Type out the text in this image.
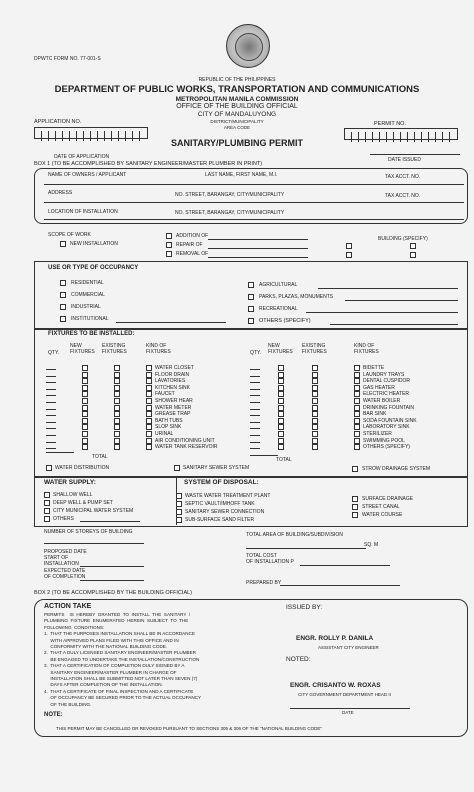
DPWTC FORM NO. 77-001-S
REPUBLIC OF THE PHILIPPINES
DEPARTMENT OF PUBLIC WORKS, TRANSPORTATION AND COMMUNICATIONS
METROPOLITAN MANILA COMMISSION
OFFICE OF THE BUILDING OFFICIAL
CITY OF MANDALUYONG
DISTRICT/MUNICIPALITY
AREA CODE
APPLICATION NO.	PERMIT NO.
SANITARY/PLUMBING PERMIT
DATE OF APPLICATION	DATE ISSUED
BOX 1 (TO BE ACCOMPLISHED BY SANITARY ENGINEER/MASTER PLUMBER IN PRINT)
NAME OF OWNERS / APPLICANT	LAST NAME, FIRST NAME, M.I.	TAX ACCT. NO.
ADDRESS	NO. STREET, BARANGAY, CITY/MUNICIPALITY	TAX ACCT. NO.
LOCATION OF INSTALLATION	NO. STREET, BARANGAY, CITY/MUNICIPALITY
SCOPE OF WORK
NEW INSTALLATION
ADDITION OF
REPAIR OF
REMOVAL OF
BUILDING (SPECIFY)
USE OR TYPE OF OCCUPANCY
RESIDENTIAL
COMMERCIAL
INDUSTRIAL
INSTITUTIONAL
AGRICULTURAL
PARKS, PLAZAS, MONUMENTS
RECREATIONAL
OTHERS (SPECIFY)
FIXTURES TO BE INSTALLED:
QTY.
NEW
FIXTURES
EXISTING
FIXTURES
KIND OF
FIXTURES	QTY.
NEW
FIXTURES
EXISTING
FIXTURES
KIND OF
FIXTURES
WATER CLOSET
FLOOR DRAIN
LAVATORIES
KITCHEN SINK
FAUCET
SHOWER HEAR
WATER METER
GREASE TRAP
BATH TUBS
SLOP SINK
URINAL
AIR CONDITIONING UNIT
WATER TANK RESERVOIR
BIDETTE
LAUNDRY TRAYS
DENTAL CUSPIDOR
GAS HEATER
ELECTRIC HEATER
WATER BOILER
DRINKING FOUNTAIN
BAR SINK
SODA FOUNTAIN SINK
LABORATORY SINK
STERILIZER
SWIMMING POOL
OTHERS (SPECIFY)
TOTAL	TOTAL
WATER DISTRIBUTION	SANITARY SEWER SYSTEM	STROW DRAINAGE SYSTEM
WATER SUPPLY:	SYSTEM OF DISPOSAL:
SHALLOW WELL
DEEP WELL & PUMP SET
CITY MUNICIPAL WATER SYSTEM
OTHERS
WASTE WATER TREATMENT PLANT
SEPTIC VAULT/IMHOFF TANK
SANITARY SEWER CONNECTION
SUB-SURFACE SAND FILTER
SURFACE DRAINAGE
STREET CANAL
WATER COURSE
NUMBER OF STOREYS OF BUILDING	TOTAL AREA OF BUILDING/SUBDIVISION
SQ. M
PROPOSED DATE
START OF
INSTALLATION
EXPECTED DATE
OF COMPLETION
TOTAL COST
OF INSTALLATION P
PREPARED BY
BOX 2 (TO BE ACCOMPLISHED BY THE BUILDING OFFICIAL)
ACTION TAKE
PERMITS    IS  HEREBY  GRANTED  TO  INSTALL  THE  SANITARY  /
PLUMBING  FIXTURE  ENUMERATED  HEREIN  SUBJECT  TO  THE
FOLLOWING  CONDITIONS:
1.  THAT THE PURPOSES INSTALLATION SHALL BE IN ACCORDANCE
WITH APPROVED PLANS FILED WITH THIS OFFICE AND IN
CONFORMITY WITH THE NATIONAL BUILDING CODE.
2.  THAT A DULY LICENSED SANITARY ENGINEER/MASTER PLUMBER
BE ENGAGED TO UNDERTAKE THE INSTALLATION/CONSTRUCTION
3.  THAT A CERTIFICATION OF COMPLETION DULY SIGNED BY A
SANITARY ENGINEER/MASTER PLUMBER IN CHARGE OF
INSTALLATION SHALL BE SUBMITTED NOT LATER THAN SEVEN (7)
DAYS AFTER COMPLETION OF THE INSTALLATION.
4.  THAT A CERTIFICATE OF FINAL INSPECTION AND A CERTIFICATE
OF OCCUPANCY BE SECURED PRIOR TO THE ACTUAL OCCUPANCY
OF THE BUILDING.
NOTE:
THIS PERMIT MAY BE CANCELLED OR REVOKED PURSUANT TO SECTIONS 305 & 306 OF THE "NATIONAL BUILDING CODE"
ISSUED BY:
ENGR. ROLLY P. DANILA
ASSISTANT CITY ENGINEER
NOTED:
ENGR. CRISANTO W. ROXAS
CITY GOVERNMENT DEPARTMENT HEAD II
DATE
